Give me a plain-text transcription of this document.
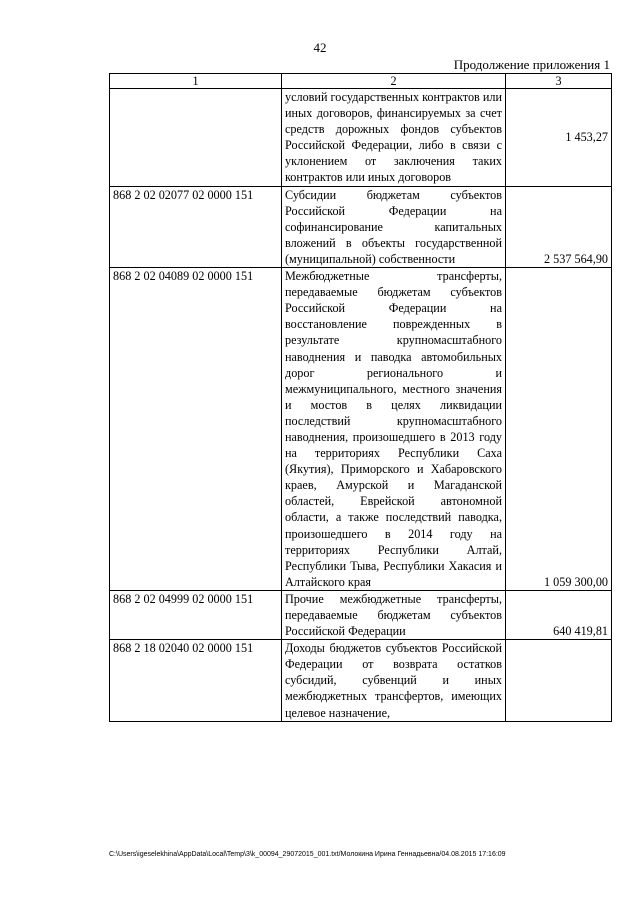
42
Продолжение приложения 1
1	2	3
	условий государственных контрактов или иных договоров, финансируемых за счет средств дорожных фондов субъектов Российской Федерации, либо в связи с уклонением от заключения таких контрактов или иных договоров	1 453,27
868 2 02 02077 02 0000 151	Субсидии бюджетам субъектов Российской Федерации на софинансирование капитальных вложений в объекты государственной (муниципальной) собственности	2 537 564,90
868 2 02 04089 02 0000 151	Межбюджетные трансферты, передаваемые бюджетам субъектов Российской Федерации на восстановление поврежденных в результате крупномасштабного наводнения и паводка автомобильных дорог регионального и межмуниципального, местного значения и мостов в целях ликвидации последствий крупномасштабного наводнения, произошедшего в 2013 году на территориях Республики Саха (Якутия), Приморского и Хабаровского краев, Амурской и Магаданской областей, Еврейской автономной области, а также последствий паводка, произошедшего в 2014 году на территориях Республики Алтай, Республики Тыва, Республики Хакасия и Алтайского края	1 059 300,00
868 2 02 04999 02 0000 151	Прочие межбюджетные трансферты, передаваемые бюджетам субъектов Российской Федерации	640 419,81
868 2 18 02040 02 0000 151	Доходы бюджетов субъектов Российской Федерации от возврата остатков субсидий, субвенций и иных межбюджетных трансфертов, имеющих целевое назначение,	
C:\Users\igeselekhina\AppData\Local\Temp\3\k_00094_29072015_001.txt/Молокина Ирина Геннадьевна/04.08.2015 17:16:09
